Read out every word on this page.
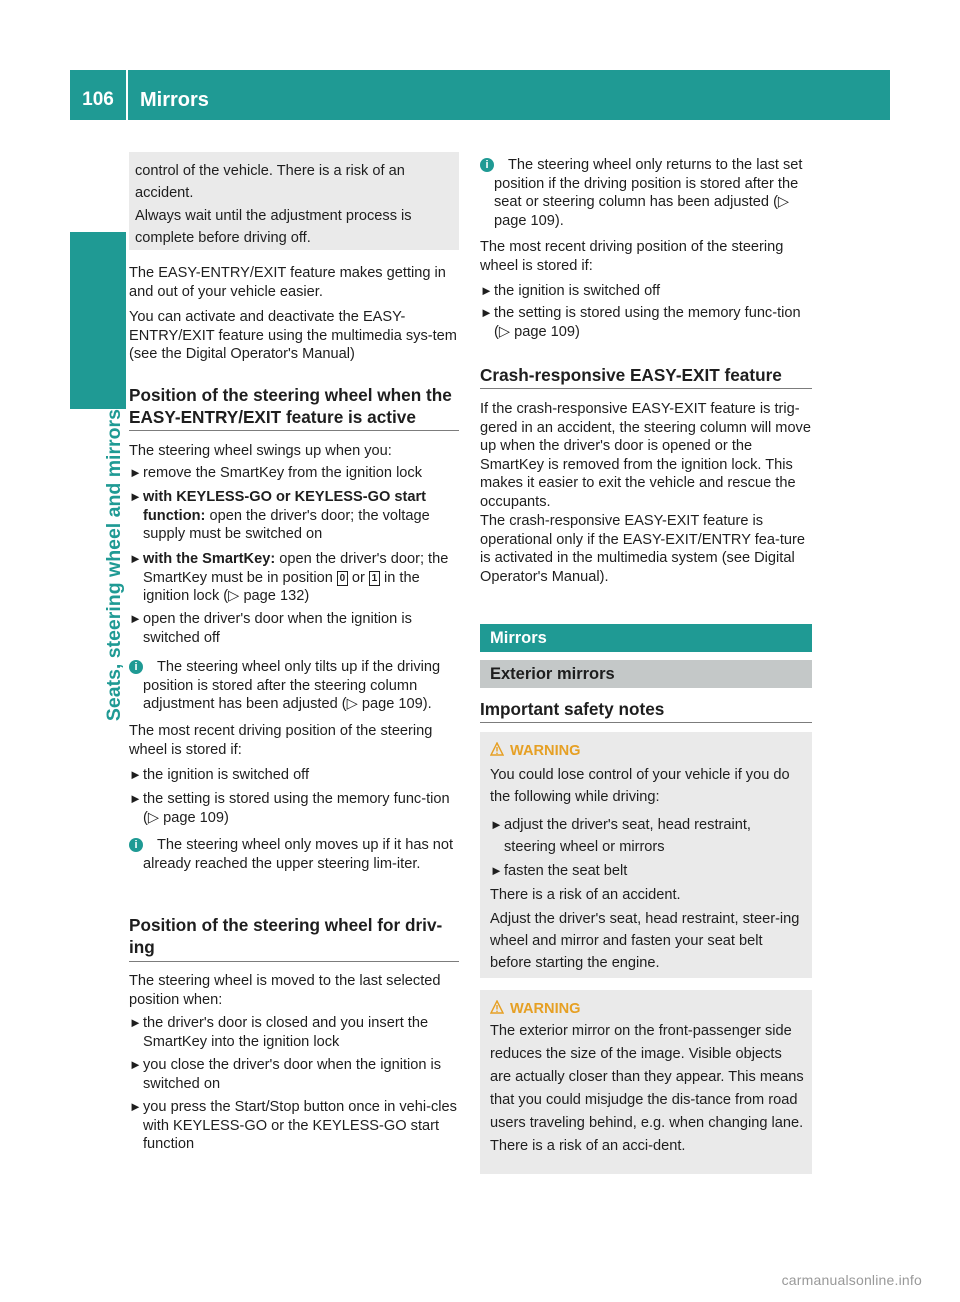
106	Mirrors
Seats, steering wheel and mirrors
control of the vehicle. There is a risk of an accident.
Always wait until the adjustment process is complete before driving off.
The EASY-ENTRY/EXIT feature makes getting in and out of your vehicle easier.
You can activate and deactivate the EASY-ENTRY/EXIT feature using the multimedia sys-tem (see the Digital Operator's Manual)
Position of the steering wheel when the EASY-ENTRY/EXIT feature is active
The steering wheel swings up when you:
► remove the SmartKey from the ignition lock
► with KEYLESS-GO or KEYLESS-GO start function: open the driver's door; the voltage supply must be switched on
► with the SmartKey: open the driver's door; the SmartKey must be in position 0 or 1 in the ignition lock (▷ page 132)
► open the driver's door when the ignition is switched off
i	The steering wheel only tilts up if the driving position is stored after the steering column adjustment has been adjusted (▷ page 109).
The most recent driving position of the steering wheel is stored if:
► the ignition is switched off
► the setting is stored using the memory func-tion (▷ page 109)
i	The steering wheel only moves up if it has not already reached the upper steering lim-iter.
Position of the steering wheel for driv-ing
The steering wheel is moved to the last selected position when:
► the driver's door is closed and you insert the SmartKey into the ignition lock
► you close the driver's door when the ignition is switched on
► you press the Start/Stop button once in vehi-cles with KEYLESS-GO or the KEYLESS-GO start function
i	The steering wheel only returns to the last set position if the driving position is stored after the seat or steering column has been adjusted (▷ page 109).
The most recent driving position of the steering wheel is stored if:
► the ignition is switched off
► the setting is stored using the memory func-tion (▷ page 109)
Crash-responsive EASY-EXIT feature
If the crash-responsive EASY-EXIT feature is trig-gered in an accident, the steering column will move up when the driver's door is opened or the SmartKey is removed from the ignition lock. This makes it easier to exit the vehicle and rescue the occupants.
The crash-responsive EASY-EXIT feature is operational only if the EASY-EXIT/ENTRY fea-ture is activated in the multimedia system (see Digital Operator's Manual).
Mirrors
Exterior mirrors
Important safety notes
WARNING
You could lose control of your vehicle if you do the following while driving:
► adjust the driver's seat, head restraint, steering wheel or mirrors
► fasten the seat belt
There is a risk of an accident.
Adjust the driver's seat, head restraint, steer-ing wheel and mirror and fasten your seat belt before starting the engine.
WARNING
The exterior mirror on the front-passenger side reduces the size of the image. Visible objects are actually closer than they appear. This means that you could misjudge the dis-tance from road users traveling behind, e.g. when changing lane. There is a risk of an acci-dent.
carmanualsonline.info
